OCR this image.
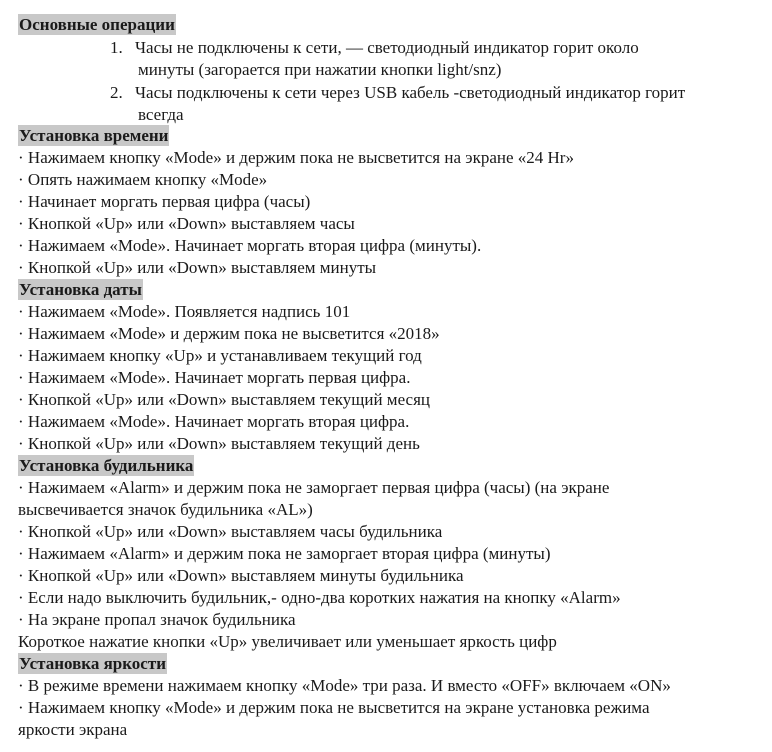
Основные операции
1. Часы не подключены к сети, — светодиодный индикатор горит около
минуты (загорается при нажатии кнопки light/snz)
2. Часы подключены к сети через USB кабель -светодиодный индикатор горит
всегда
Установка времени
· Нажимаем кнопку «Mode» и держим пока не высветится на экране «24 Hr»
· Опять нажимаем кнопку «Mode»
· Начинает моргать первая цифра (часы)
· Кнопкой «Up» или «Down» выставляем часы
· Нажимаем «Mode». Начинает моргать вторая цифра (минуты).
· Кнопкой «Up» или «Down» выставляем минуты
Установка даты
· Нажимаем «Mode». Появляется надпись 101
· Нажимаем «Mode» и держим пока не высветится «2018»
· Нажимаем кнопку «Up» и устанавливаем текущий год
· Нажимаем «Mode». Начинает моргать первая цифра.
· Кнопкой «Up» или «Down» выставляем текущий месяц
· Нажимаем «Mode». Начинает моргать вторая цифра.
· Кнопкой «Up» или «Down» выставляем текущий день
Установка будильника
· Нажимаем «Alarm» и держим пока не заморгает первая цифра (часы) (на экране
высвечивается значок будильника «AL»)
· Кнопкой «Up» или «Down» выставляем часы будильника
· Нажимаем «Alarm» и держим пока не заморгает вторая цифра (минуты)
· Кнопкой «Up» или «Down» выставляем минуты будильника
· Если надо выключить будильник,- одно-два коротких нажатия на кнопку «Alarm»
· На экране пропал значок будильника
Короткое нажатие кнопки «Up» увеличивает или уменьшает яркость цифр
Установка яркости
· В режиме времени нажимаем кнопку «Mode» три раза. И вместо «OFF» включаем «ON»
· Нажимаем кнопку «Mode» и держим пока не высветится на экране установка режима
яркости экрана
